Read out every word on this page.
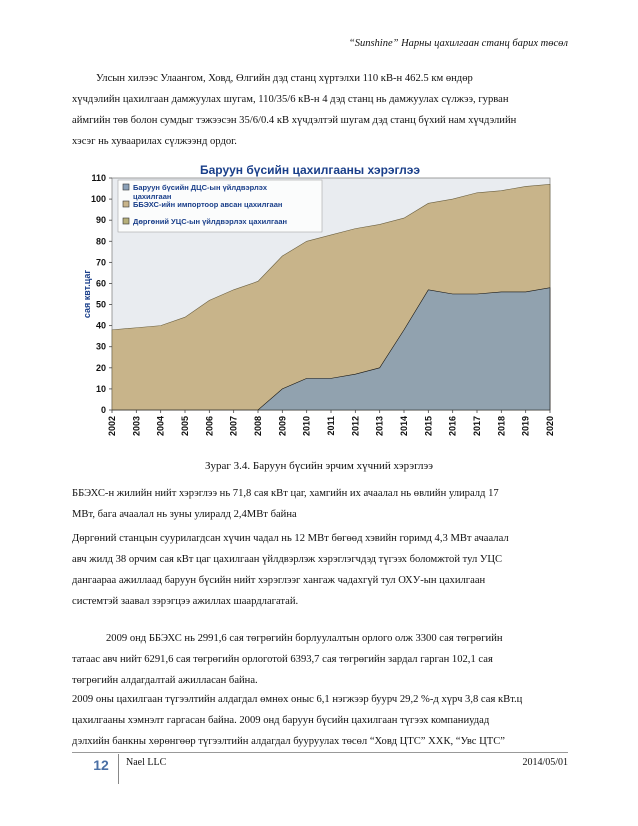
“Sunshine” Нарны цахилгаан станц барих төсөл
Улсын хилээс Улаангом, Ховд, Өлгийн дэд станц хүртэлхи 110 кВ-н 462.5 км өндөр
хүчдэлийн цахилгаан дамжуулах шугам, 110/35/6 кВ-н 4 дэд станц нь дамжуулах сүлжээ, гурван
аймгийн төв болон сумдыг тэжээсэн 35/6/0.4 кВ хүчдэлтэй шугам дэд станц бүхий нам хүчдэлийн
хэсэг нь хуваарилах сүлжээнд ордог.
0
10
20
30
40
50
60
70
80
90
100
110
2002 2003 2004 2005 2006 2007 2008 2009 2010 2011 2012 2013 2014 2015 2016 2017 2018 2019 2020
Баруун бүсийн цахилгааны хэрэглээ
сая квт.цаг
Баруун бүсийн ДЦС-ын үйлдвэрлэх
цахилгаан
ББЭХС-ийн импортоор авсан цахилгаан
Дөргөний УЦС-ын үйлдвэрлэх цахилгаан
Зураг 3.4. Баруун бүсийн эрчим хүчний хэрэглээ
ББЭХС-н жилийн нийт хэрэглээ нь 71,8 сая кВт цаг, хамгийн их ачаалал нь өвлийн улиралд 17
МВт, бага ачаалал нь зуны улиралд 2,4МВт байна
Дөргөний станцын суурилагдсан хүчин чадал нь 12 МВт бөгөөд хэвийн горимд 4,3 МВт ачаалал
авч жилд 38 орчим сая кВт цаг цахилгаан үйлдвэрлэж хэрэглэгчдэд түгээх боломжтой тул УЦС
дангаараа ажиллаад баруун бүсийн нийт хэрэглээг хангаж чадахгүй тул ОХУ-ын цахилгаан
системтэй заавал зэрэгцээ ажиллах шаардлагатай.
2009 онд ББЭХС нь 2991,6 сая төгрөгийн борлуулалтын орлого олж 3300 сая төгрөгийн
татаас авч нийт 6291,6 сая төгрөгийн орлоготой 6393,7 сая төгрөгийн зардал гарган 102,1 сая
төгрөгийн алдагдалтай ажилласан байна.
2009 оны цахилгаан түгээлтийн алдагдал өмнөх оныс 6,1 нэгжээр буурч 29,2 %-д хүрч 3,8 сая кВт.ц
цахилгааны хэмнэлт гаргасан байна. 2009 онд баруун бүсийн цахилгаан түгээх компаниудад
дэлхийн банкны хөрөнгөөр түгээлтийн алдагдал бууруулах төсөл “Ховд ЦТС” ХХК, “Увс ЦТС”
12	Nael LLC	2014/05/01
